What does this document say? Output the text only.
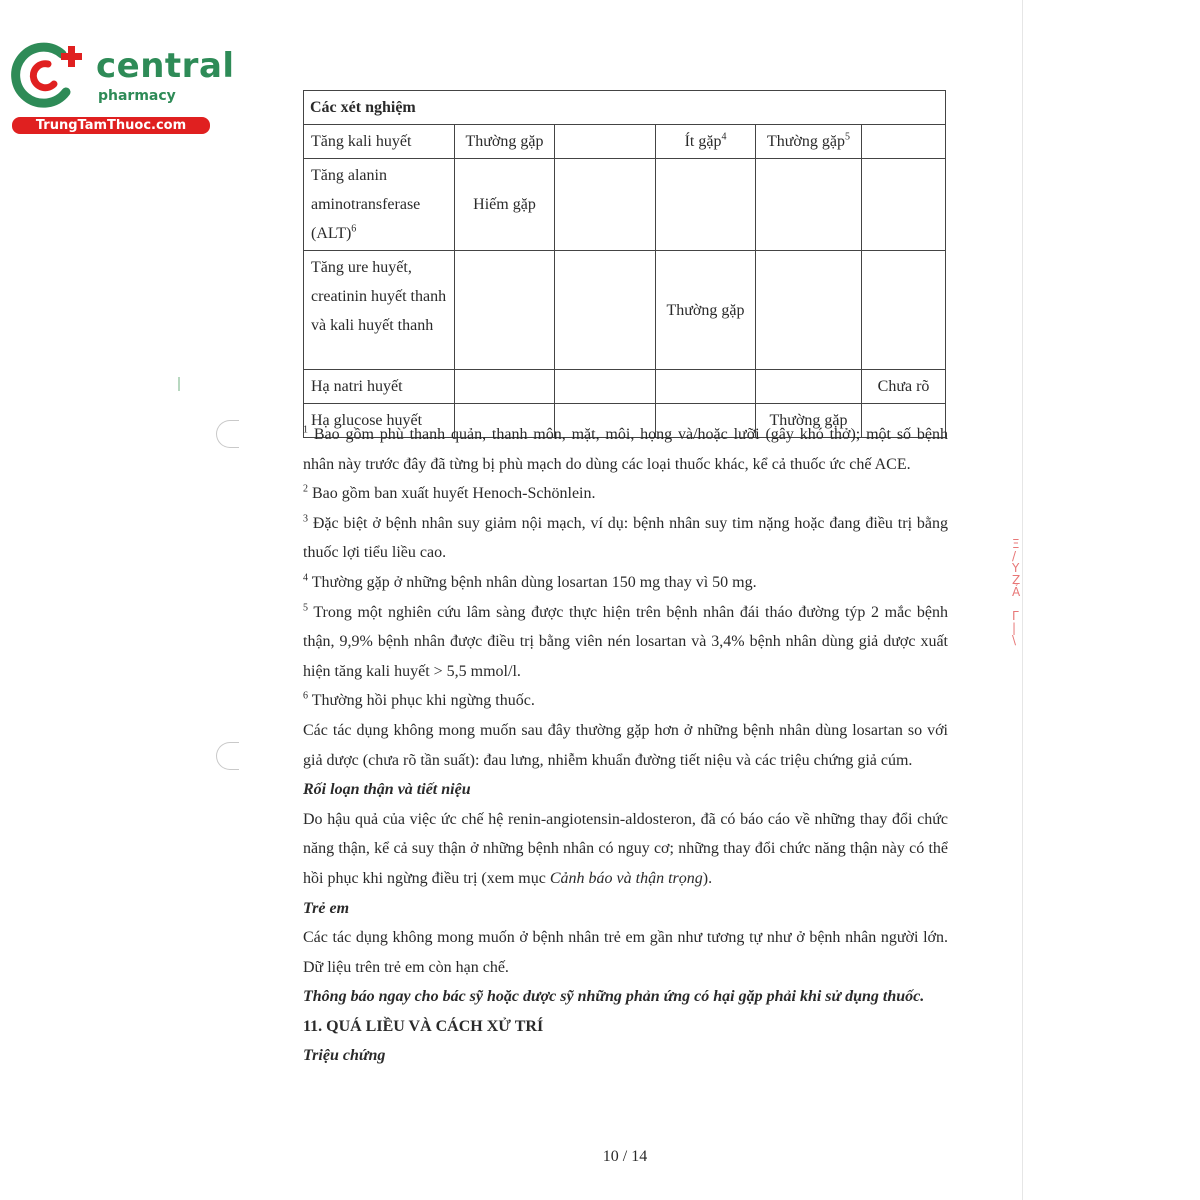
central
pharmacy
TrungTamThuoc.com
Ξ
/
Y
Z
Ả

Γ
|
\
Các xét nghiệm					
Tăng kali huyết	Thường gặp		Ít gặp$^4$	Thường gặp$^5$	
Tăng alanin aminotransferase (ALT)$^6$	Hiếm gặp				
Tăng ure huyết, creatinin huyết thanh và kali huyết thanh			Thường gặp		
Hạ natri huyết					Chưa rõ
Hạ glucose huyết				Thường gặp	

$^1$ Bao gồm phù thanh quản, thanh môn, mặt, môi, họng và/hoặc lưỡi (gây khó thở); một số bệnh nhân này trước đây đã từng bị phù mạch do dùng các loại thuốc khác, kể cả thuốc ức chế ACE.

$^2$ Bao gồm ban xuất huyết Henoch-Schönlein.

$^3$ Đặc biệt ở bệnh nhân suy giảm nội mạch, ví dụ: bệnh nhân suy tim nặng hoặc đang điều trị bằng thuốc lợi tiểu liều cao.

$^4$ Thường gặp ở những bệnh nhân dùng losartan 150 mg thay vì 50 mg.

$^5$ Trong một nghiên cứu lâm sàng được thực hiện trên bệnh nhân đái tháo đường týp 2 mắc bệnh thận, 9,9% bệnh nhân được điều trị bằng viên nén losartan và 3,4% bệnh nhân dùng giả dược xuất hiện tăng kali huyết > 5,5 mmol/l.

$^6$ Thường hồi phục khi ngừng thuốc.

Các tác dụng không mong muốn sau đây thường gặp hơn ở những bệnh nhân dùng losartan so với giả dược (chưa rõ tần suất): đau lưng, nhiễm khuẩn đường tiết niệu và các triệu chứng giả cúm.

Rối loạn thận và tiết niệu

Do hậu quả của việc ức chế hệ renin-angiotensin-aldosteron, đã có báo cáo về những thay đổi chức năng thận, kể cả suy thận ở những bệnh nhân có nguy cơ; những thay đổi chức năng thận này có thể hồi phục khi ngừng điều trị (xem mục Cảnh báo và thận trọng).

Trẻ em

Các tác dụng không mong muốn ở bệnh nhân trẻ em gần như tương tự như ở bệnh nhân người lớn. Dữ liệu trên trẻ em còn hạn chế.

Thông báo ngay cho bác sỹ hoặc dược sỹ những phản ứng có hại gặp phải khi sử dụng thuốc.

11. QUÁ LIỀU VÀ CÁCH XỬ TRÍ

Triệu chứng

10 / 14
